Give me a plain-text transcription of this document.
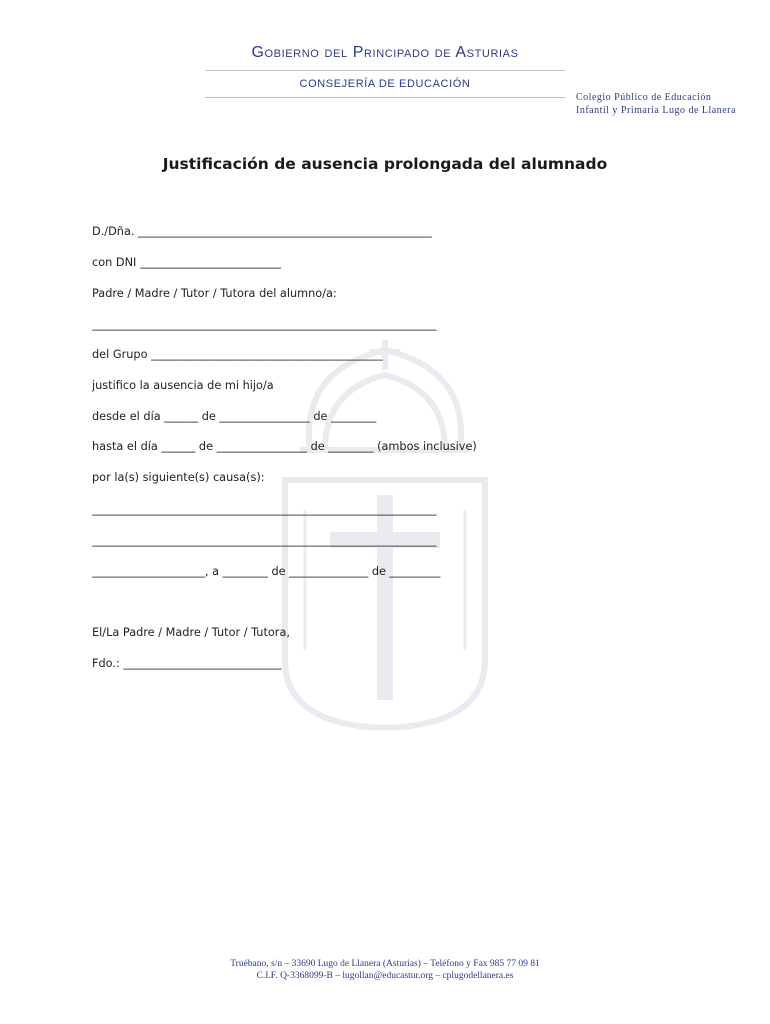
Gobierno del Principado de Asturias
CONSEJERÍA DE EDUCACIÓN
Colegio Público de Educación
Infantil y Primaria Lugo de Llanera
Justificación de ausencia prolongada del alumnado
D./Dña. ____________________________________________________
con DNI _________________________
Padre / Madre / Tutor / Tutora del alumno/a:
_____________________________________________________________
del Grupo _________________________________________
justifico la ausencia de mi hijo/a
desde el día ______ de ________________ de ________
hasta el día ______ de ________________ de ________ (ambos inclusive)
por la(s) siguiente(s) causa(s):
_____________________________________________________________
_____________________________________________________________
____________________, a ________ de ______________ de _________
El/La Padre / Madre / Tutor / Tutora,
Fdo.: ____________________________
Truébano, s/n – 33690 Lugo de Llanera (Asturias) – Teléfono y Fax 985 77 09 81
C.I.F. Q-3368099-B – lugollan@educastur.org – cplugodellanera.es
